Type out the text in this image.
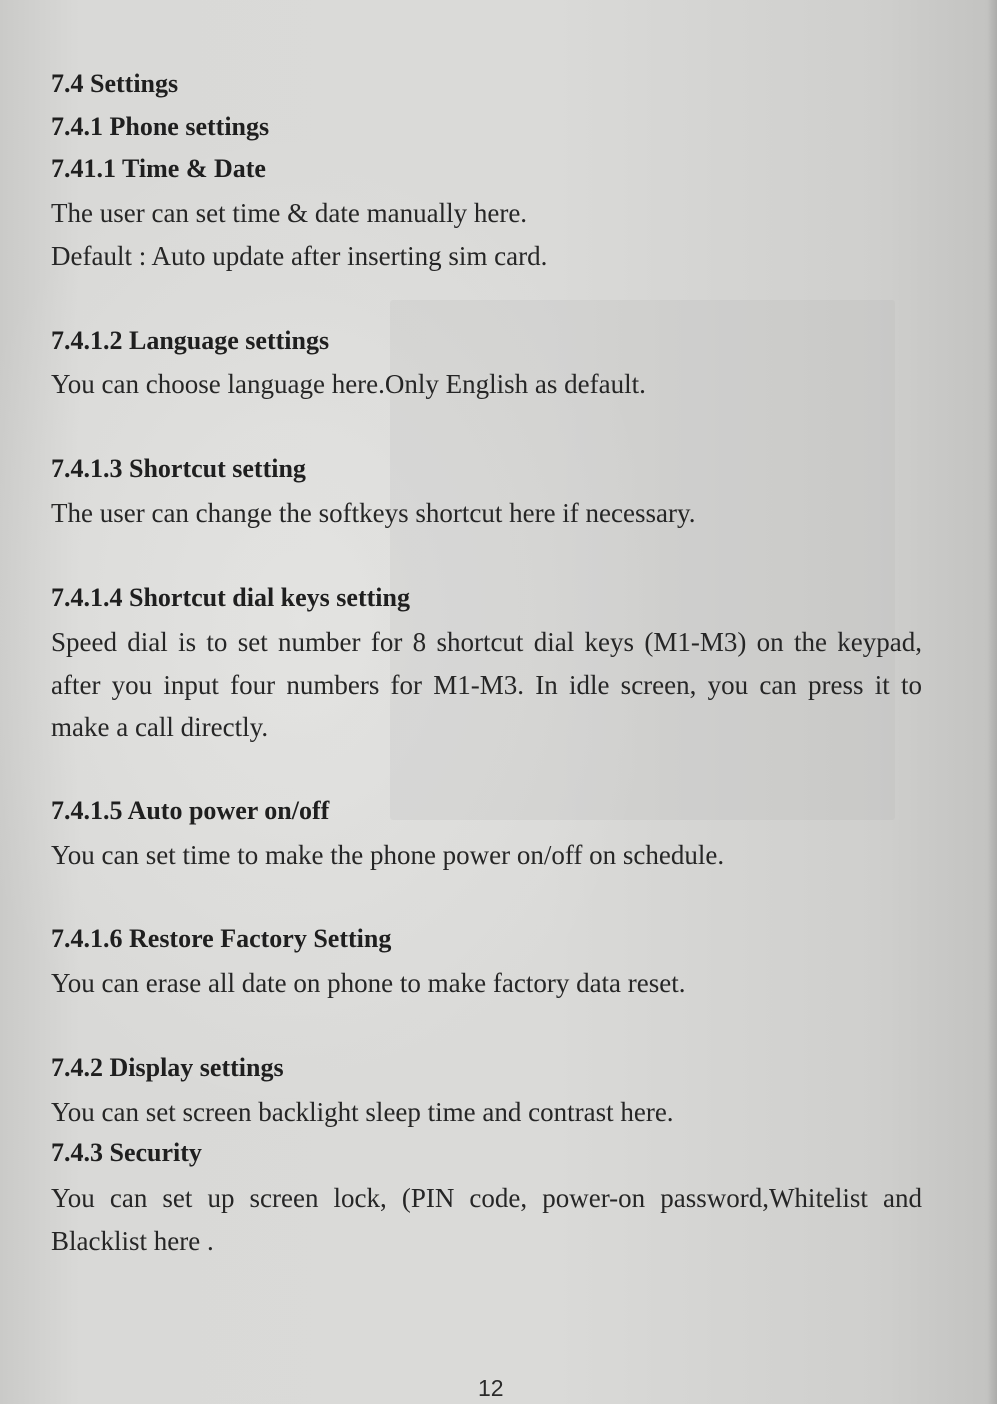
7.4 Settings
7.4.1 Phone settings
7.41.1 Time & Date

The user can set time & date manually here.

Default : Auto update after inserting sim card.

7.4.1.2 Language settings

You can choose language here.Only English as default.

7.4.1.3 Shortcut setting

The user can change the softkeys shortcut here if necessary.

7.4.1.4 Shortcut dial keys setting

Speed dial is to set number for 8 shortcut dial keys (M1-M3) on the keypad, after you input four numbers for M1-M3. In idle screen, you can press it to make a call directly.

7.4.1.5 Auto power on/off

You can set time to make the phone power on/off on schedule.

7.4.1.6 Restore Factory Setting

You can erase all date on phone to make factory data reset.

7.4.2 Display settings

You can set screen backlight sleep time and contrast here.

7.4.3 Security

You can set up screen lock, (PIN code, power-on password,Whitelist and Blacklist here .

12
